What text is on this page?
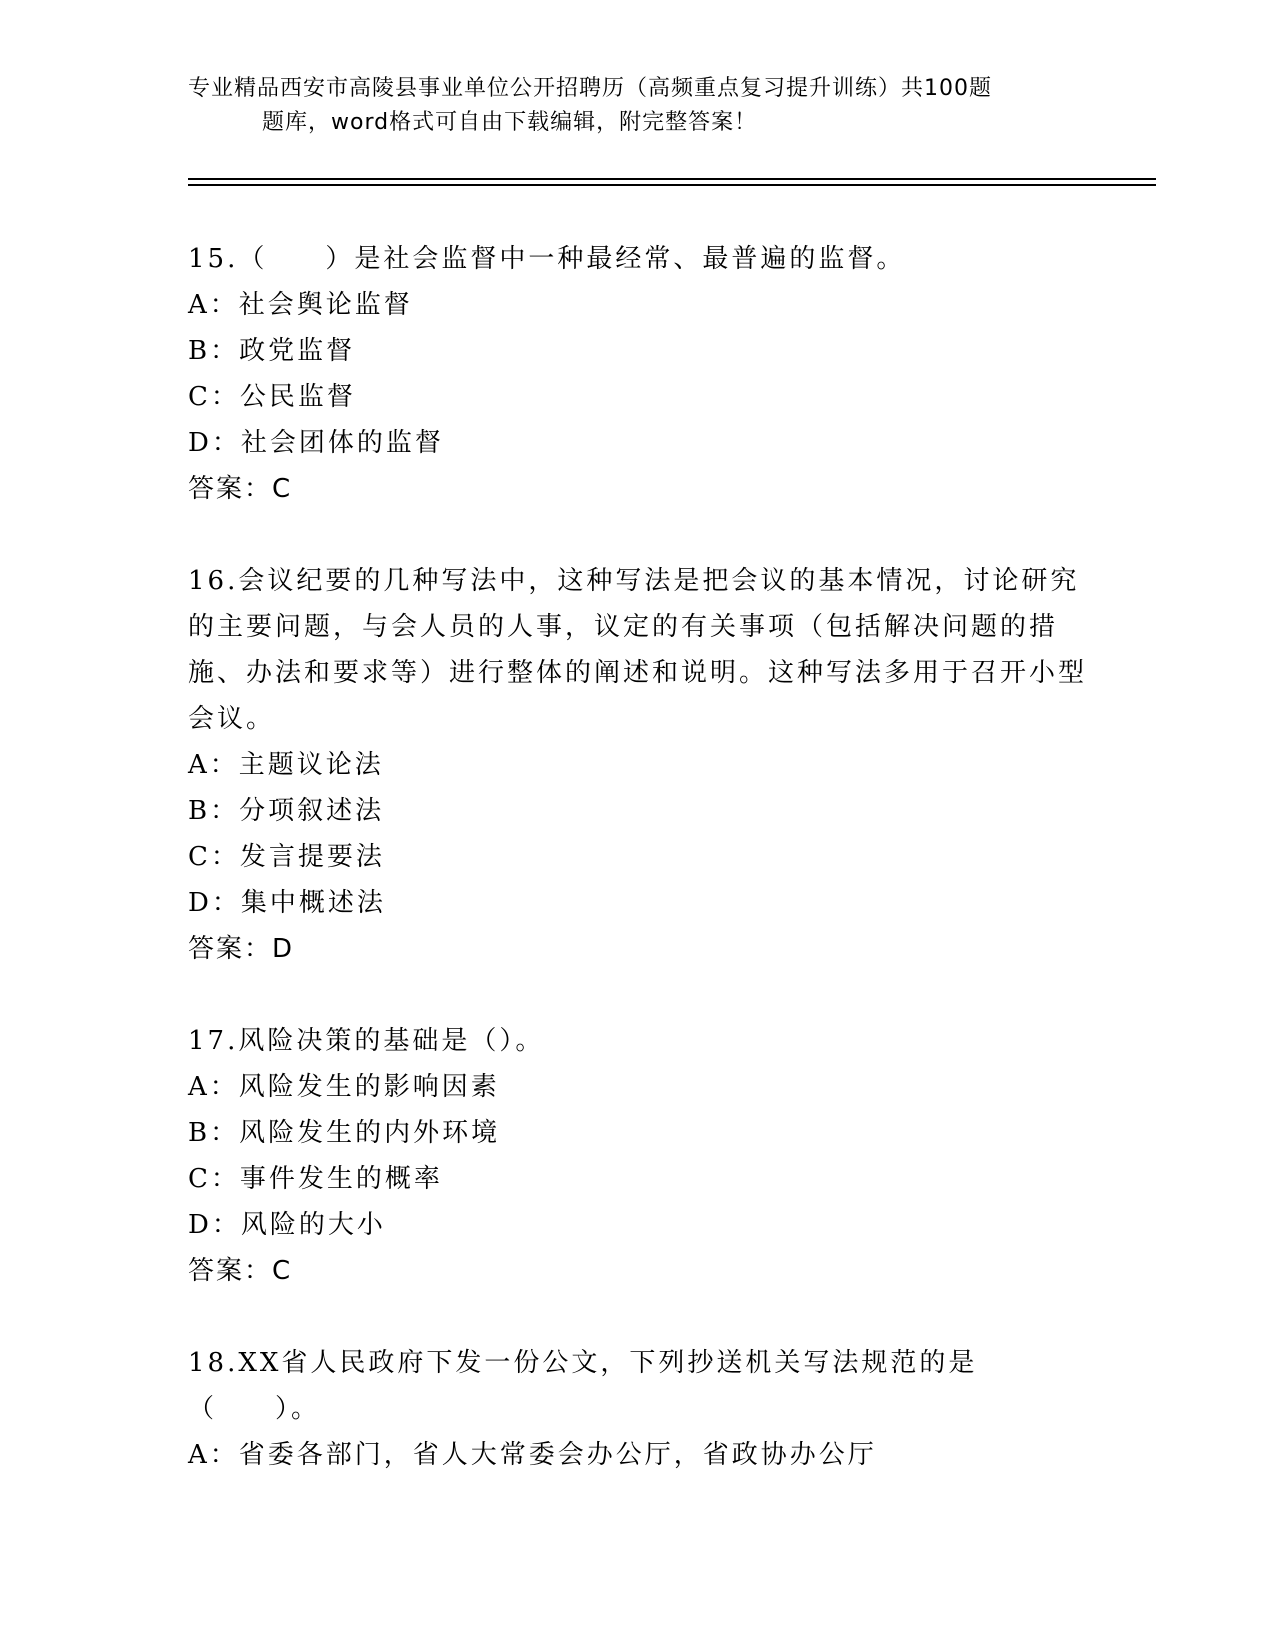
专业精品西安市高陵县事业单位公开招聘历（高频重点复习提升训练）共100题
题库，word格式可自由下载编辑，附完整答案！

15.（　　）是社会监督中一种最经常、最普遍的监督。

A：社会舆论监督

B：政党监督

C：公民监督

D：社会团体的监督

答案：C

16.会议纪要的几种写法中，这种写法是把会议的基本情况，讨论研究的主要问题，与会人员的人事，议定的有关事项（包括解决问题的措施、办法和要求等）进行整体的阐述和说明。这种写法多用于召开小型会议。

A：主题议论法

B：分项叙述法

C：发言提要法

D：集中概述法

答案：D

17.风险决策的基础是（）。

A：风险发生的影响因素

B：风险发生的内外环境

C：事件发生的概率

D：风险的大小

答案：C

18.XX省人民政府下发一份公文，下列抄送机关写法规范的是（　　）。

A：省委各部门，省人大常委会办公厅，省政协办公厅
